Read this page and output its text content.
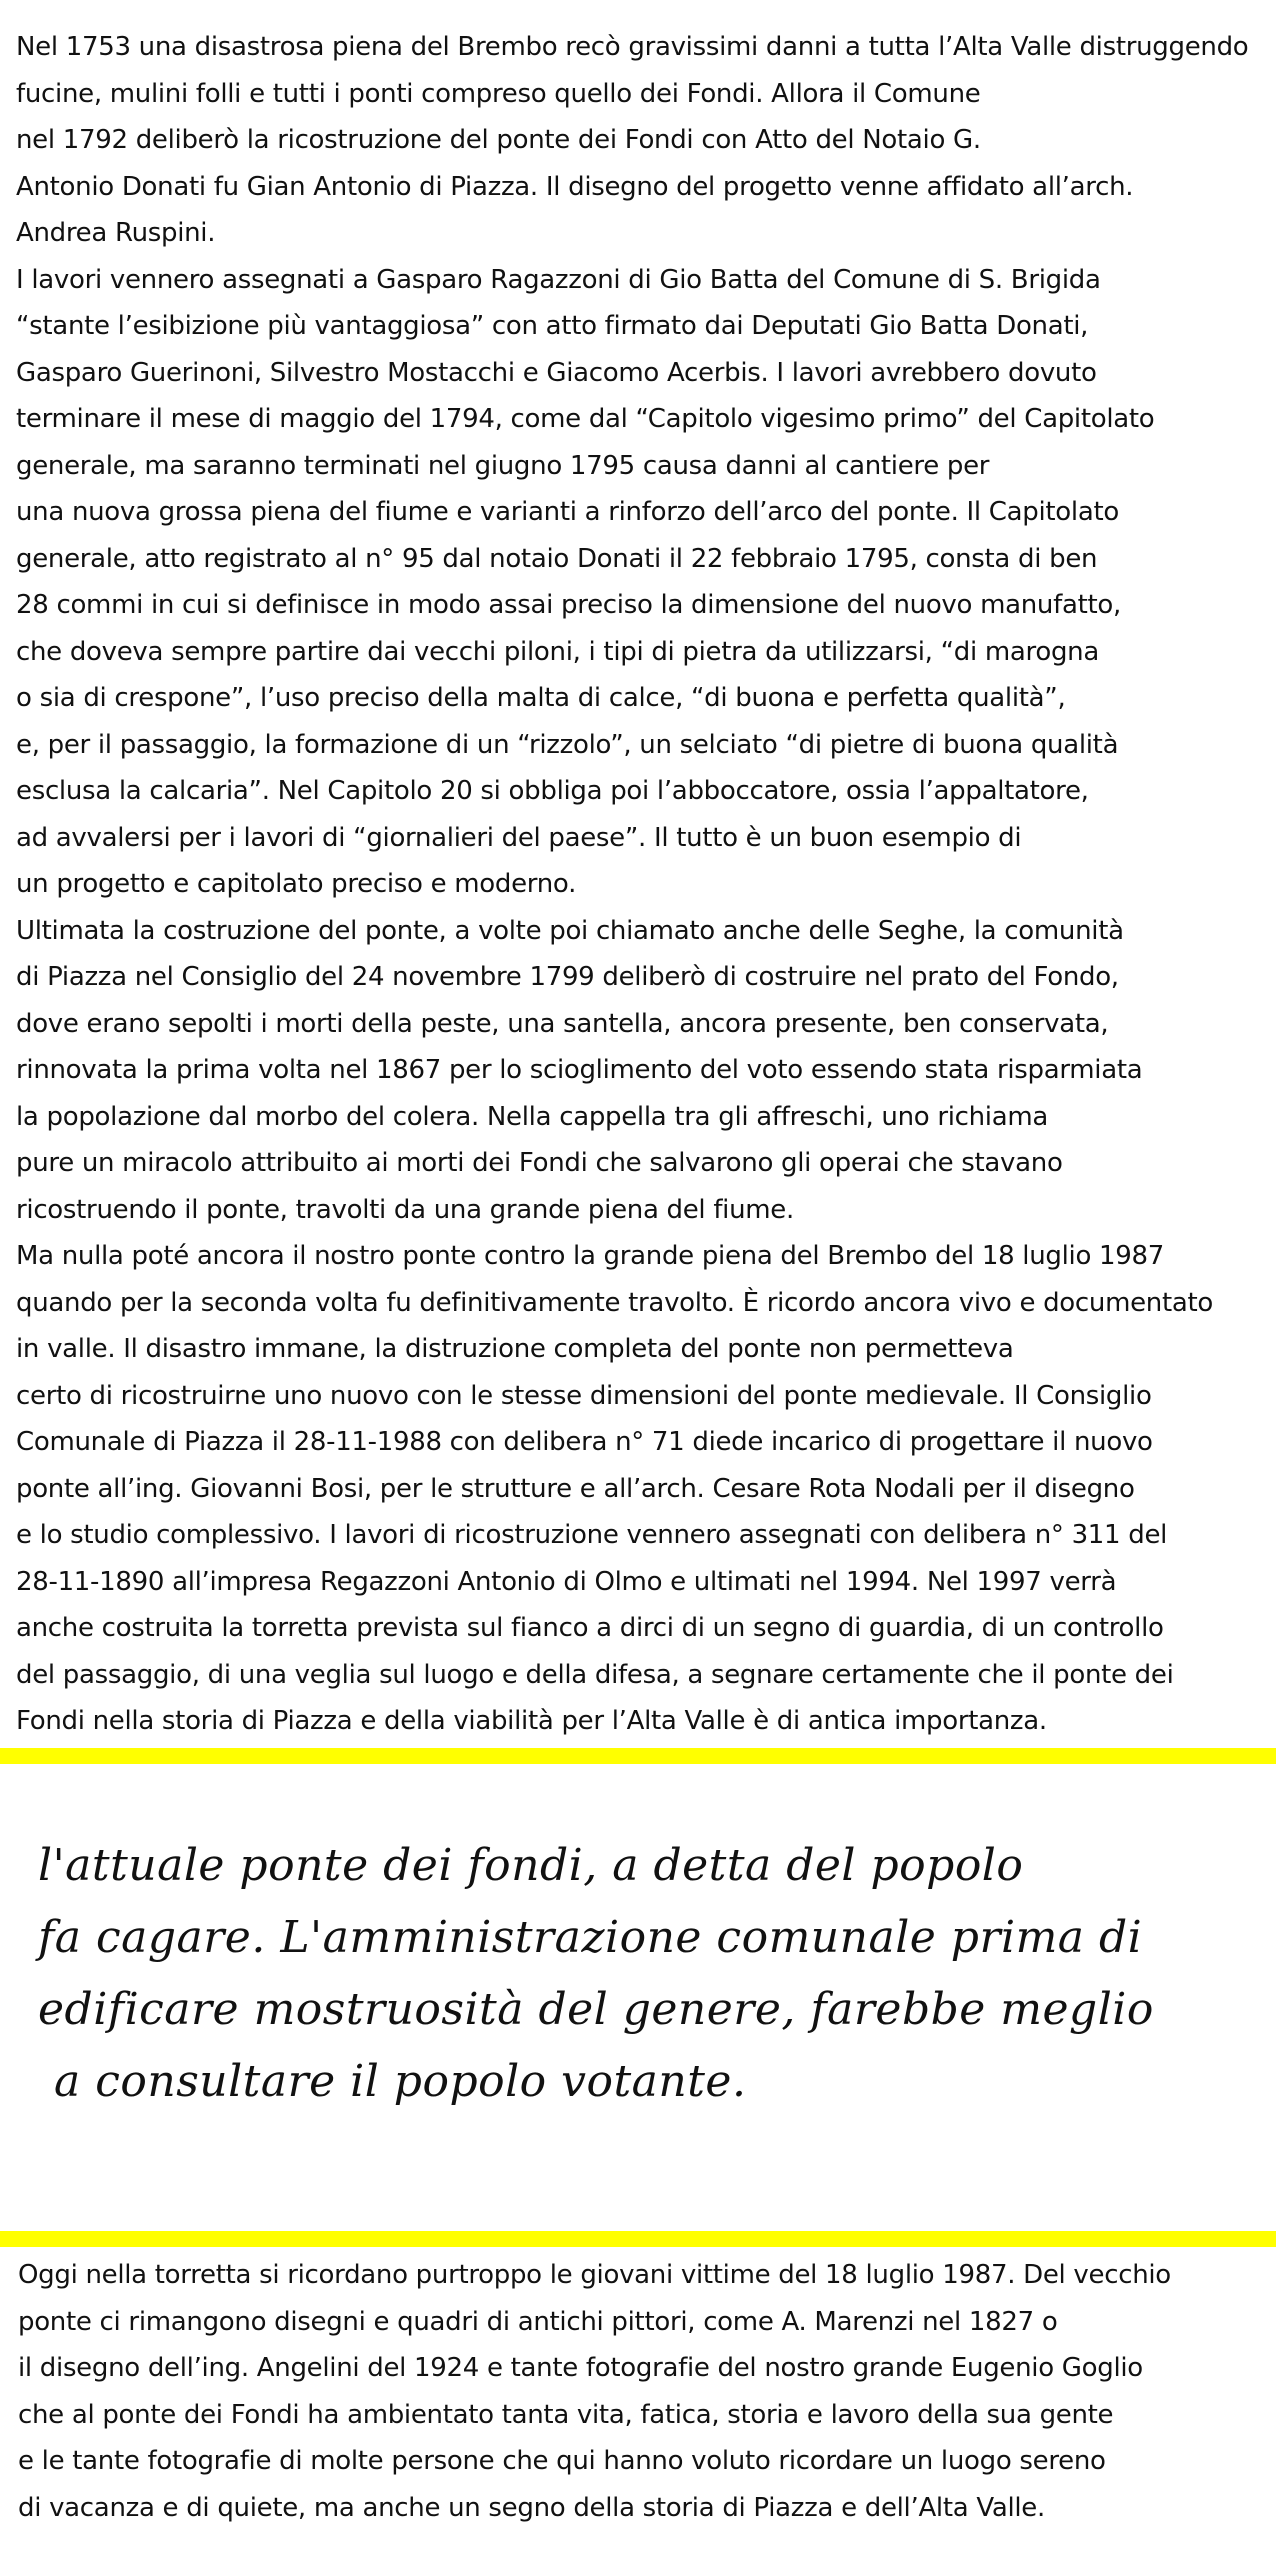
Nel 1753 una disastrosa piena del Brembo recò gravissimi danni a tutta l’Alta Valle distruggendo
fucine, mulini folli e tutti i ponti compreso quello dei Fondi. Allora il Comune
nel 1792 deliberò la ricostruzione del ponte dei Fondi con Atto del Notaio G.
Antonio Donati fu Gian Antonio di Piazza. Il disegno del progetto venne affidato all’arch.
Andrea Ruspini.
I lavori vennero assegnati a Gasparo Ragazzoni di Gio Batta del Comune di S. Brigida
“stante l’esibizione più vantaggiosa” con atto firmato dai Deputati Gio Batta Donati,
Gasparo Guerinoni, Silvestro Mostacchi e Giacomo Acerbis. I lavori avrebbero dovuto
terminare il mese di maggio del 1794, come dal “Capitolo vigesimo primo” del Capitolato
generale, ma saranno terminati nel giugno 1795 causa danni al cantiere per
una nuova grossa piena del fiume e varianti a rinforzo dell’arco del ponte. Il Capitolato
generale, atto registrato al n° 95 dal notaio Donati il 22 febbraio 1795, consta di ben
28 commi in cui si definisce in modo assai preciso la dimensione del nuovo manufatto,
che doveva sempre partire dai vecchi piloni, i tipi di pietra da utilizzarsi, “di marogna
o sia di crespone”, l’uso preciso della malta di calce, “di buona e perfetta qualità”,
e, per il passaggio, la formazione di un “rizzolo”, un selciato “di pietre di buona qualità
esclusa la calcaria”. Nel Capitolo 20 si obbliga poi l’abboccatore, ossia l’appaltatore,
ad avvalersi per i lavori di “giornalieri del paese”. Il tutto è un buon esempio di
un progetto e capitolato preciso e moderno.
Ultimata la costruzione del ponte, a volte poi chiamato anche delle Seghe, la comunità
di Piazza nel Consiglio del 24 novembre 1799 deliberò di costruire nel prato del Fondo,
dove erano sepolti i morti della peste, una santella, ancora presente, ben conservata,
rinnovata la prima volta nel 1867 per lo scioglimento del voto essendo stata risparmiata
la popolazione dal morbo del colera. Nella cappella tra gli affreschi, uno richiama
pure un miracolo attribuito ai morti dei Fondi che salvarono gli operai che stavano
ricostruendo il ponte, travolti da una grande piena del fiume.
Ma nulla poté ancora il nostro ponte contro la grande piena del Brembo del 18 luglio 1987
quando per la seconda volta fu definitivamente travolto. È ricordo ancora vivo e documentato
in valle. Il disastro immane, la distruzione completa del ponte non permetteva
certo di ricostruirne uno nuovo con le stesse dimensioni del ponte medievale. Il Consiglio
Comunale di Piazza il 28-11-1988 con delibera n° 71 diede incarico di progettare il nuovo
ponte all’ing. Giovanni Bosi, per le strutture e all’arch. Cesare Rota Nodali per il disegno
e lo studio complessivo. I lavori di ricostruzione vennero assegnati con delibera n° 311 del
28-11-1890 all’impresa Regazzoni Antonio di Olmo e ultimati nel 1994. Nel 1997 verrà
anche costruita la torretta prevista sul fianco a dirci di un segno di guardia, di un controllo
del passaggio, di una veglia sul luogo e della difesa, a segnare certamente che il ponte dei
Fondi nella storia di Piazza e della viabilità per l’Alta Valle è di antica importanza.
l'attuale ponte dei fondi, a detta del popolo
fa cagare. L'amministrazione comunale prima di
edificare mostruosità del genere, farebbe meglio
a consultare il popolo votante.
Oggi nella torretta si ricordano purtroppo le giovani vittime del 18 luglio 1987. Del vecchio
ponte ci rimangono disegni e quadri di antichi pittori, come A. Marenzi nel 1827 o
il disegno dell’ing. Angelini del 1924 e tante fotografie del nostro grande Eugenio Goglio
che al ponte dei Fondi ha ambientato tanta vita, fatica, storia e lavoro della sua gente
e le tante fotografie di molte persone che qui hanno voluto ricordare un luogo sereno
di vacanza e di quiete, ma anche un segno della storia di Piazza e dell’Alta Valle.
